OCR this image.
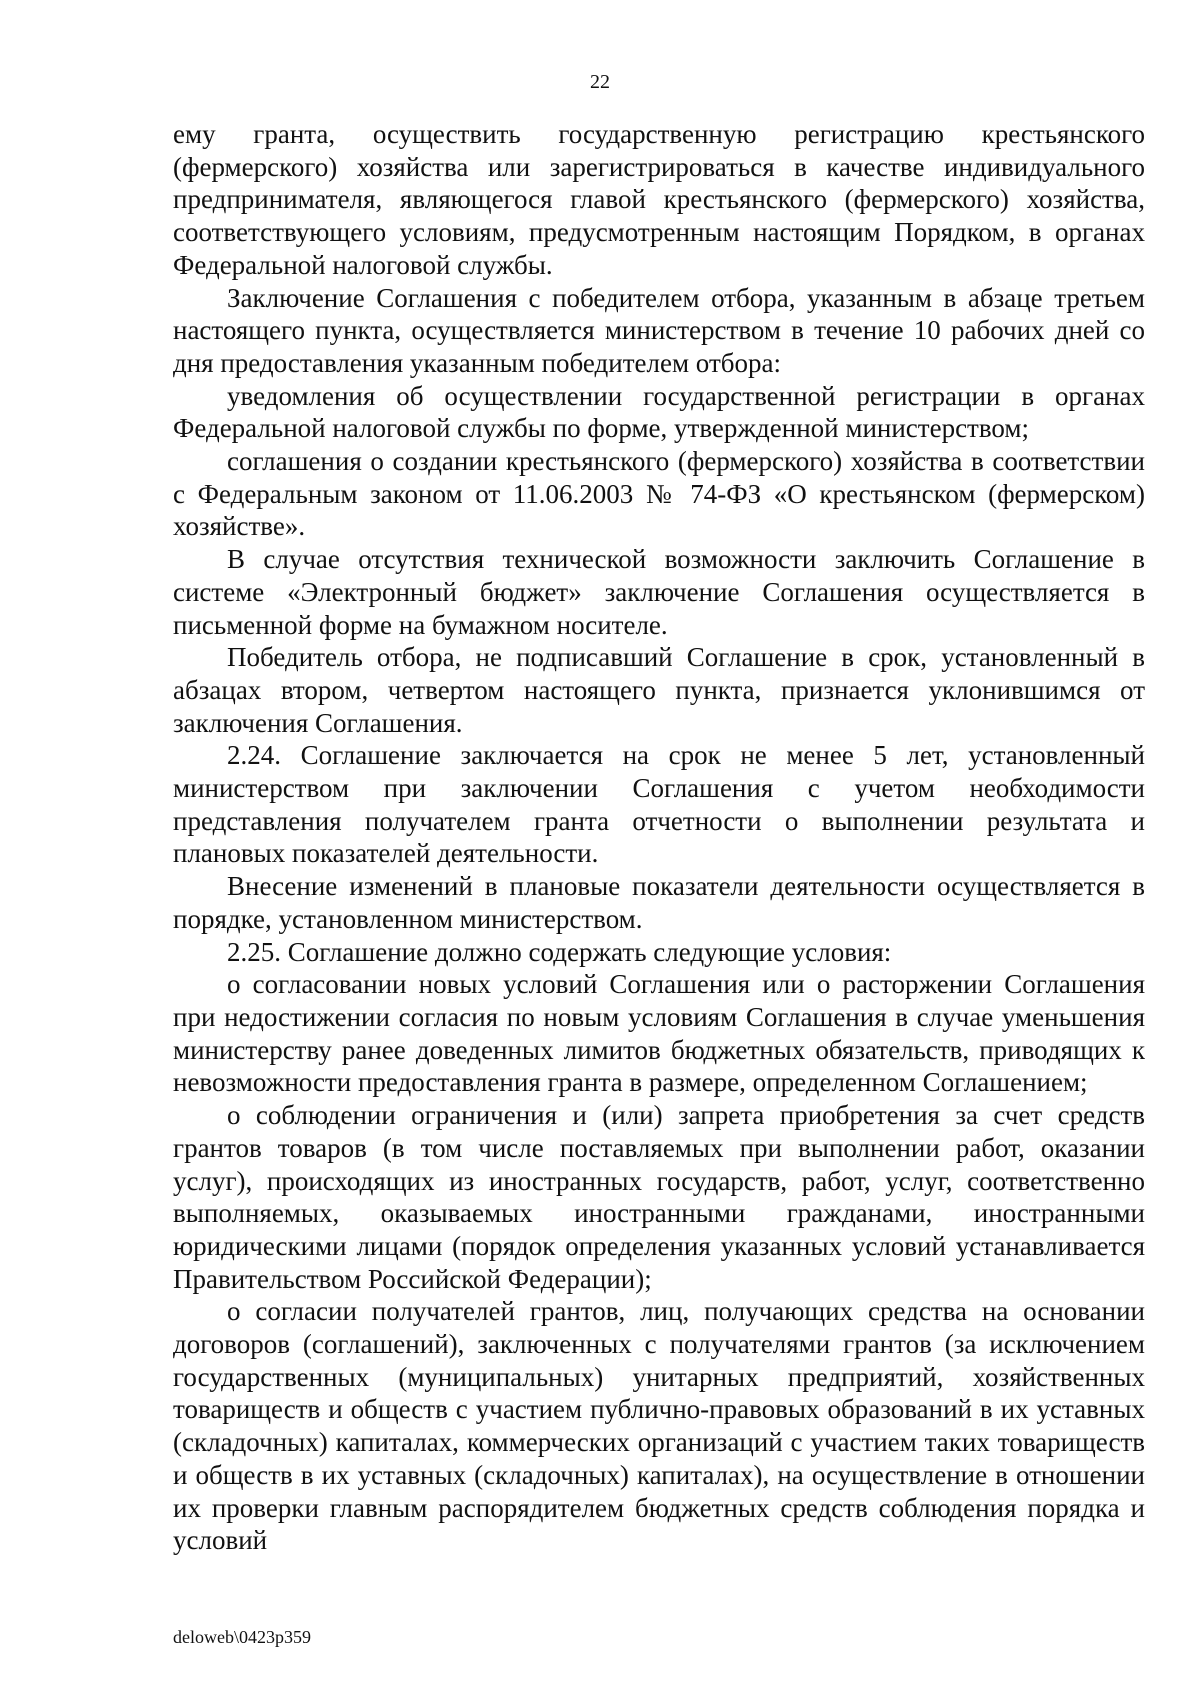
22

ему гранта, осуществить государственную регистрацию крестьянского (фермерского) хозяйства или зарегистрироваться в качестве индивидуального предпринимателя, являющегося главой крестьянского (фермерского) хозяйства, соответствующего условиям, предусмотренным настоящим Порядком, в органах Федеральной налоговой службы.

Заключение Соглашения с победителем отбора, указанным в абзаце третьем настоящего пункта, осуществляется министерством в течение 10 рабочих дней со дня предоставления указанным победителем отбора:

уведомления об осуществлении государственной регистрации в органах Федеральной налоговой службы по форме, утвержденной министерством;

соглашения о создании крестьянского (фермерского) хозяйства в соответствии с Федеральным законом от 11.06.2003 № 74-ФЗ «О крестьянском (фермерском) хозяйстве».

В случае отсутствия технической возможности заключить Соглашение в системе «Электронный бюджет» заключение Соглашения осуществляется в письменной форме на бумажном носителе.

Победитель отбора, не подписавший Соглашение в срок, установленный в абзацах втором, четвертом настоящего пункта, признается уклонившимся от заключения Соглашения.

2.24. Соглашение заключается на срок не менее 5 лет, установленный министерством при заключении Соглашения с учетом необходимости представления получателем гранта отчетности о выполнении результата и плановых показателей деятельности.

Внесение изменений в плановые показатели деятельности осуществляется в порядке, установленном министерством.

2.25. Соглашение должно содержать следующие условия:

о согласовании новых условий Соглашения или о расторжении Соглашения при недостижении согласия по новым условиям Соглашения в случае уменьшения министерству ранее доведенных лимитов бюджетных обязательств, приводящих к невозможности предоставления гранта в размере, определенном Соглашением;

о соблюдении ограничения и (или) запрета приобретения за счет средств грантов товаров (в том числе поставляемых при выполнении работ, оказании услуг), происходящих из иностранных государств, работ, услуг, соответственно выполняемых, оказываемых иностранными гражданами, иностранными юридическими лицами (порядок определения указанных условий устанавливается Правительством Российской Федерации);

о согласии получателей грантов, лиц, получающих средства на основании договоров (соглашений), заключенных с получателями грантов (за исключением государственных (муниципальных) унитарных предприятий, хозяйственных товариществ и обществ с участием публично-правовых образований в их уставных (складочных) капиталах, коммерческих организаций с участием таких товариществ и обществ в их уставных (складочных) капиталах), на осуществление в отношении их проверки главным распорядителем бюджетных средств соблюдения порядка и условий

deloweb\0423p359
